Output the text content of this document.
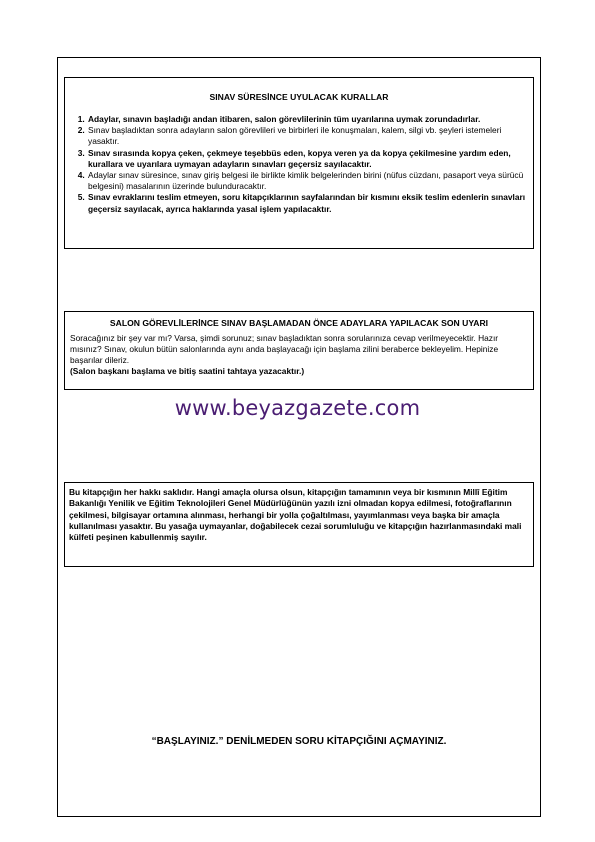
SINAV SÜRESİNCE UYULACAK KURALLAR
1. Adaylar, sınavın başladığı andan itibaren, salon görevlilerinin tüm uyarılarına uymak zorundadırlar.
2. Sınav başladıktan sonra adayların salon görevlileri ve birbirleri ile konuşmaları, kalem, silgi vb. şeyleri istemeleri yasaktır.
3. Sınav sırasında kopya çeken, çekmeye teşebbüs eden, kopya veren ya da kopya çekilmesine yardım eden, kurallara ve uyarılara uymayan adayların sınavları geçersiz sayılacaktır.
4. Adaylar sınav süresince, sınav giriş belgesi ile birlikte kimlik belgelerinden birini (nüfus cüzdanı, pasaport veya sürücü belgesini) masalarının üzerinde bulunduracaktır.
5. Sınav evraklarını teslim etmeyen, soru kitapçıklarının sayfalarından bir kısmını eksik teslim edenlerin sınavları geçersiz sayılacak, ayrıca haklarında yasal işlem yapılacaktır.
SALON GÖREVLİLERİNCE SINAV BAŞLAMADAN ÖNCE ADAYLARA YAPILACAK SON UYARI

Soracağınız bir şey var mı? Varsa, şimdi sorunuz; sınav başladıktan sonra sorularınıza cevap verilmeyecektir. Hazır mısınız? Sınav, okulun bütün salonlarında aynı anda başlayacağı için başlama zilini beraberce bekleyelim. Hepinize başarılar dileriz.

(Salon başkanı başlama ve bitiş saatini tahtaya yazacaktır.)

www.beyazgazete.com
Bu kitapçığın her hakkı saklıdır. Hangi amaçla olursa olsun, kitapçığın tamamının veya bir kısmının Millî Eğitim Bakanlığı Yenilik ve Eğitim Teknolojileri Genel Müdürlüğünün yazılı izni olmadan kopya edilmesi, fotoğraflarının çekilmesi, bilgisayar ortamına alınması, herhangi bir yolla çoğaltılması, yayımlanması veya başka bir amaçla kullanılması yasaktır. Bu yasağa uymayanlar, doğabilecek cezai sorumluluğu ve kitapçığın hazırlanmasındaki mali külfeti peşinen kabullenmiş sayılır.
“BAŞLAYINIZ.” DENİLMEDEN SORU KİTAPÇIĞINI AÇMAYINIZ.
